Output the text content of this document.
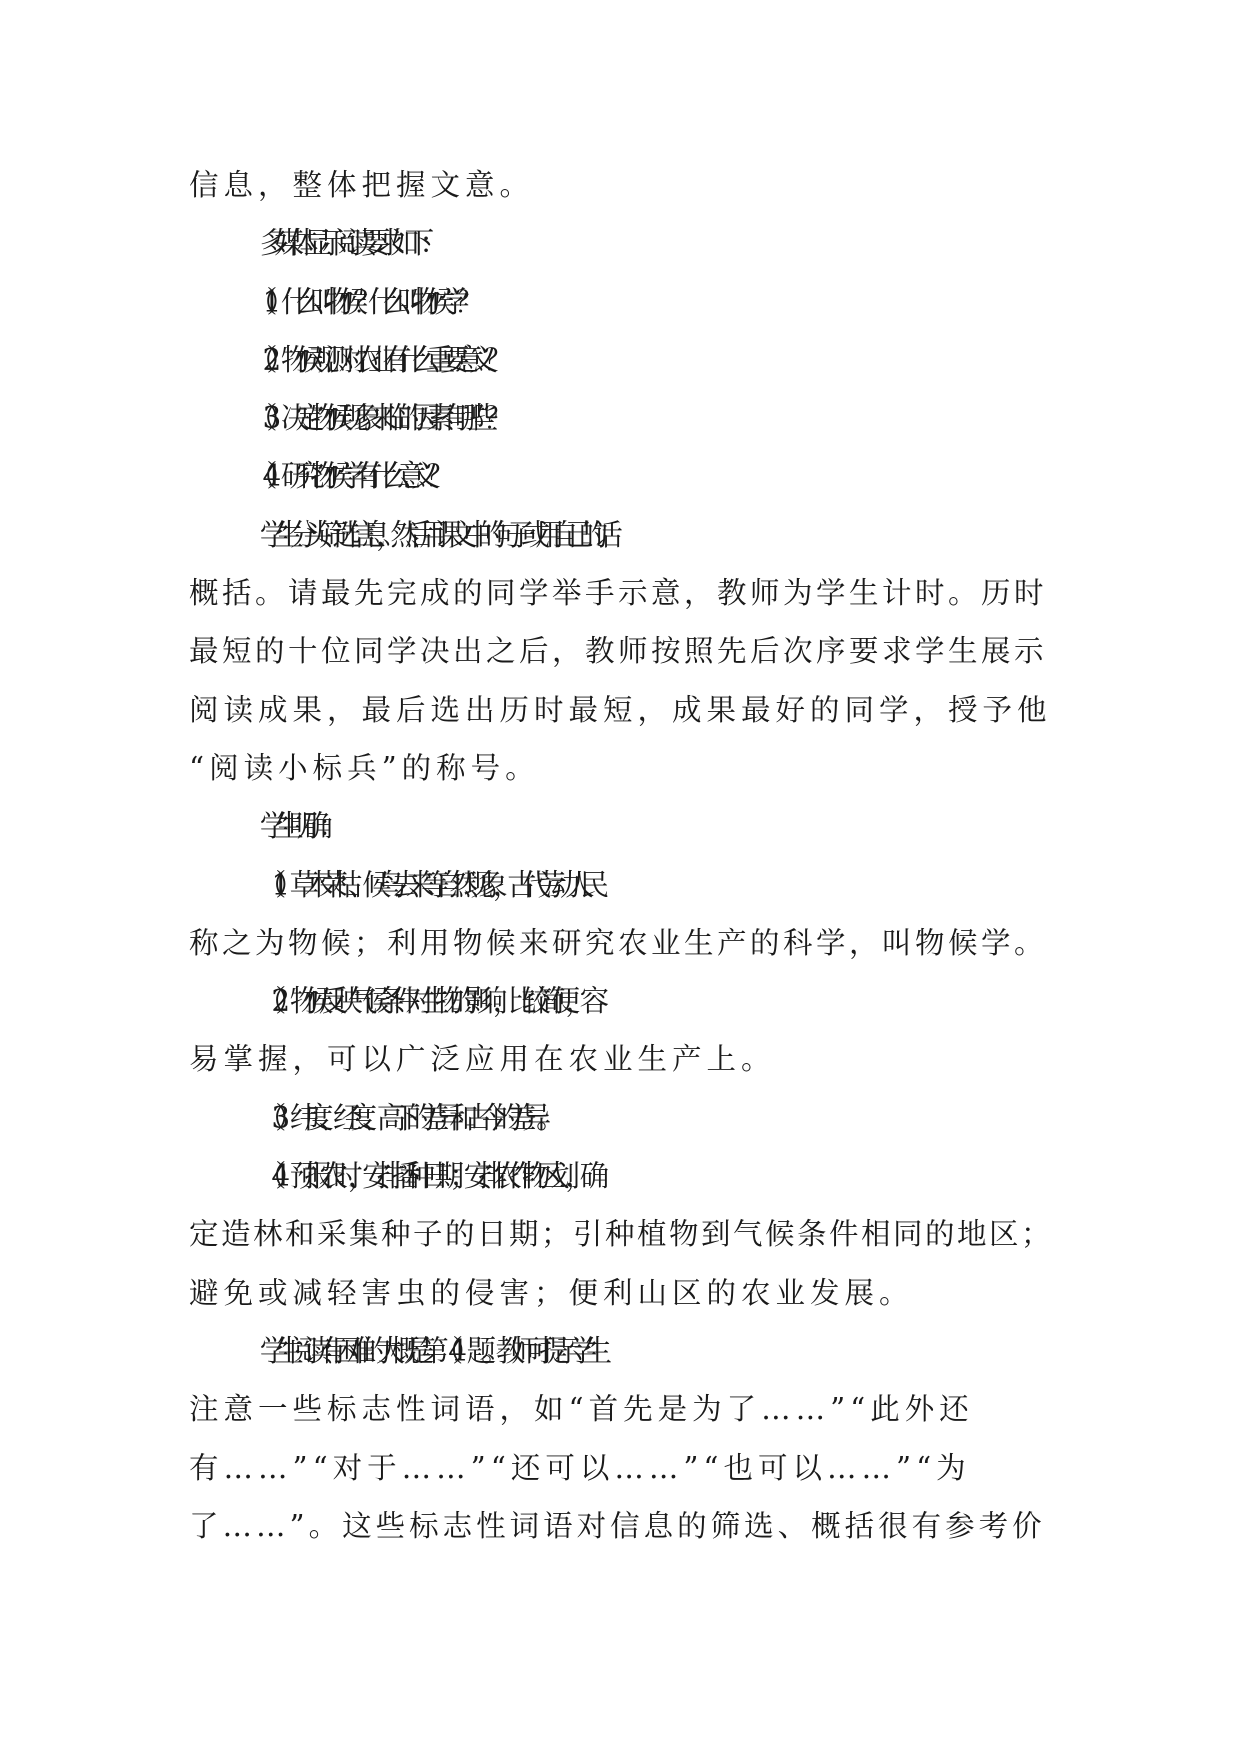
信息，整体把握文意。

多媒体显示阅读要求如下：

（1）什么叫物候？什么叫物候学？

（2）物候观测对农业有什么重要意义？

（3）决定物候现象来临的因素有哪些？

（4）研究物候学有什么意义？

学生分头筛选信息，然后用课文中的句子或用自己的话
概括。请最先完成的同学举手示意，教师为学生计时。历时
最短的十位同学决出之后，教师按照先后次序要求学生展示
阅读成果，最后选出历时最短，成果最好的同学，授予他
“阅读小标兵”的称号。

学生明确：

（1）草木荣枯、候鸟去来等自然现象，古代劳动人民
称之为物候；利用物候来研究农业生产的科学，叫物候学。

（2）物候反映气候条件对生物的影响，比较简便，容
易掌握，可以广泛应用在农业生产上。

（3）纬度、经度、高下的差异和古今的差异。

（4）预报农时，安排播种日期；安排农作物区划，确
定造林和采集种子的日期；引种植物到气候条件相同的地区；
避免或减轻害虫的侵害；便利山区的农业发展。

学生阅读有困难的大概是第（4）题。教师可提示学生
注意一些标志性词语，如“首先是为了……”“此外还
有……”“对于……”“还可以……”“也可以……”“为
了……”。这些标志性词语对信息的筛选、概括很有参考价
